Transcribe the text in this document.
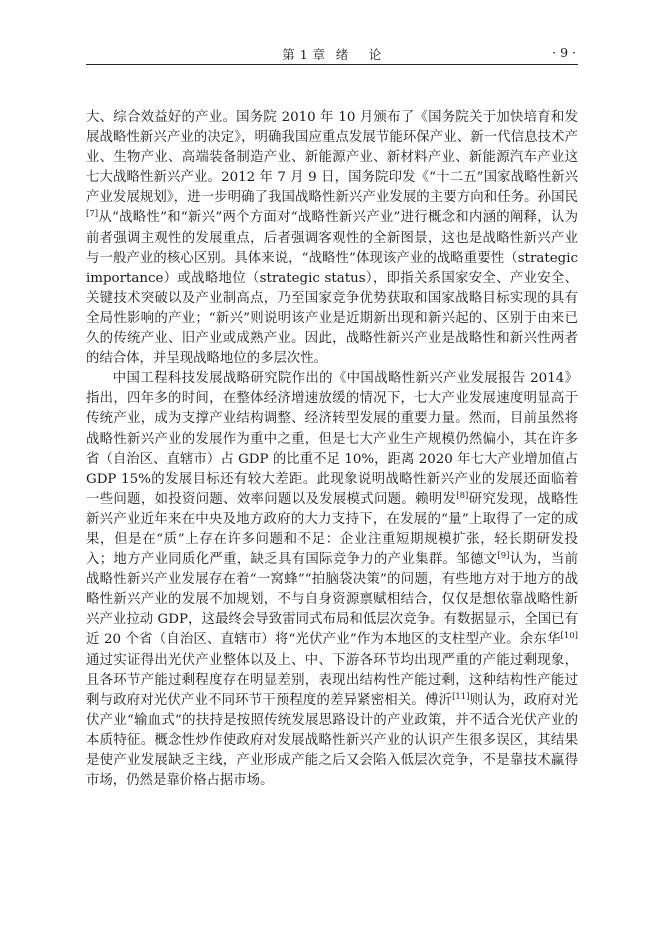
第 1 章 绪 论	· 9 ·

大、综合效益好的产业。国务院 2010 年 10 月颁布了《国务院关于加快培育和发展战略性新兴产业的决定》，明确我国应重点发展节能环保产业、新一代信息技术产业、生物产业、高端装备制造产业、新能源产业、新材料产业、新能源汽车产业这七大战略性新兴产业。2012 年 7 月 9 日，国务院印发《“十二五”国家战略性新兴产业发展规划》，进一步明确了我国战略性新兴产业发展的主要方向和任务。孙国民[7]从“战略性”和“新兴”两个方面对“战略性新兴产业”进行概念和内涵的阐释，认为前者强调主观性的发展重点，后者强调客观性的全新图景，这也是战略性新兴产业与一般产业的核心区别。具体来说，“战略性”体现该产业的战略重要性（strategic importance）或战略地位（strategic status），即指关系国家安全、产业安全、关键技术突破以及产业制高点，乃至国家竞争优势获取和国家战略目标实现的具有全局性影响的产业；“新兴”则说明该产业是近期新出现和新兴起的、区别于由来已久的传统产业、旧产业或成熟产业。因此，战略性新兴产业是战略性和新兴性两者的结合体，并呈现战略地位的多层次性。

中国工程科技发展战略研究院作出的《中国战略性新兴产业发展报告 2014》指出，四年多的时间，在整体经济增速放缓的情况下，七大产业发展速度明显高于传统产业，成为支撑产业结构调整、经济转型发展的重要力量。然而，目前虽然将战略性新兴产业的发展作为重中之重，但是七大产业生产规模仍然偏小，其在许多省（自治区、直辖市）占 GDP 的比重不足 10%，距离 2020 年七大产业增加值占 GDP 15%的发展目标还有较大差距。此现象说明战略性新兴产业的发展还面临着一些问题，如投资问题、效率问题以及发展模式问题。赖明发[8]研究发现，战略性新兴产业近年来在中央及地方政府的大力支持下，在发展的“量”上取得了一定的成果，但是在“质”上存在许多问题和不足：企业注重短期规模扩张，轻长期研发投入；地方产业同质化严重，缺乏具有国际竞争力的产业集群。邹德文[9]认为，当前战略性新兴产业发展存在着“一窝蜂”“拍脑袋决策”的问题，有些地方对于地方的战略性新兴产业的发展不加规划，不与自身资源禀赋相结合，仅仅是想依靠战略性新兴产业拉动 GDP，这最终会导致雷同式布局和低层次竞争。有数据显示，全国已有近 20 个省（自治区、直辖市）将“光伏产业”作为本地区的支柱型产业。余东华[10]通过实证得出光伏产业整体以及上、中、下游各环节均出现严重的产能过剩现象，且各环节产能过剩程度存在明显差别，表现出结构性产能过剩，这种结构性产能过剩与政府对光伏产业不同环节干预程度的差异紧密相关。傅沂[11]则认为，政府对光伏产业“输血式”的扶持是按照传统发展思路设计的产业政策，并不适合光伏产业的本质特征。概念性炒作使政府对发展战略性新兴产业的认识产生很多误区，其结果是使产业发展缺乏主线，产业形成产能之后又会陷入低层次竞争，不是靠技术赢得市场，仍然是靠价格占据市场。
